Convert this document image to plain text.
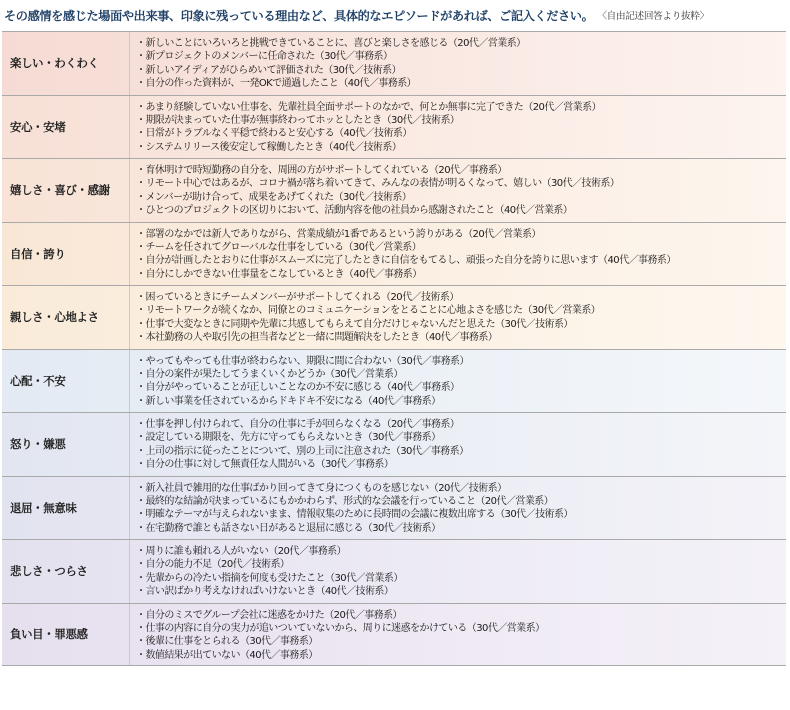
その感情を感じた場面や出来事、印象に残っている理由など、具体的なエピソードがあれば、ご記入ください。 〈自由記述回答より抜粋〉
楽しい・わくわく
・新しいことにいろいろと挑戦できていることに、喜びと楽しさを感じる（20代／営業系）
・新プロジェクトのメンバーに任命された（30代／事務系）
・新しいアイディアがひらめいて評価された（30代／技術系）
・自分の作った資料が、一発OKで通過したこと（40代／事務系）
安心・安堵
・あまり経験していない仕事を、先輩社員全面サポートのなかで、何とか無事に完了できた（20代／営業系）
・期限が決まっていた仕事が無事終わってホッとしたとき（30代／技術系）
・日常がトラブルなく平穏で終わると安心する（40代／技術系）
・システムリリース後安定して稼働したとき（40代／技術系）
嬉しさ・喜び・感謝
・育休明けで時短勤務の自分を、周囲の方がサポートしてくれている（20代／事務系）
・リモート中心ではあるが、コロナ禍が落ち着いてきて、みんなの表情が明るくなって、嬉しい（30代／技術系）
・メンバーが助け合って、成果をあげてくれた（30代／技術系）
・ひとつのプロジェクトの区切りにおいて、活動内容を他の社員から感謝されたこと（40代／営業系）
自信・誇り
・部署のなかでは新人でありながら、営業成績が1番であるという誇りがある（20代／営業系）
・チームを任されてグローバルな仕事をしている（30代／営業系）
・自分が計画したとおりに仕事がスムーズに完了したときに自信をもてるし、頑張った自分を誇りに思います（40代／事務系）
・自分にしかできない仕事量をこなしているとき（40代／事務系）
親しさ・心地よさ
・困っているときにチームメンバーがサポートしてくれる（20代／技術系）
・リモートワークが続くなか、同僚とのコミュニケーションをとることに心地よさを感じた（30代／営業系）
・仕事で大変なときに同期や先輩に共感してもらえて自分だけじゃないんだと思えた（30代／技術系）
・本社勤務の人や取引先の担当者などと一緒に問題解決をしたとき（40代／事務系）
心配・不安
・やってもやっても仕事が終わらない、期限に間に合わない（30代／事務系）
・自分の案件が果たしてうまくいくかどうか（30代／営業系）
・自分がやっていることが正しいことなのか不安に感じる（40代／事務系）
・新しい事業を任されているからドキドキ不安になる（40代／事務系）
怒り・嫌悪
・仕事を押し付けられて、自分の仕事に手が回らなくなる（20代／事務系）
・設定している期限を、先方に守ってもらえないとき（30代／事務系）
・上司の指示に従ったことについて、別の上司に注意された（30代／事務系）
・自分の仕事に対して無責任な人間がいる（30代／事務系）
退屈・無意味
・新入社員で雑用的な仕事ばかり回ってきて身につくものを感じない（20代／技術系）
・最終的な結論が決まっているにもかかわらず、形式的な会議を行っていること（20代／営業系）
・明確なテーマが与えられないまま、情報収集のために長時間の会議に複数出席する（30代／技術系）
・在宅勤務で誰とも話さない日があると退屈に感じる（30代／技術系）
悲しさ・つらさ
・周りに誰も頼れる人がいない（20代／事務系）
・自分の能力不足（20代／技術系）
・先輩からの冷たい指摘を何度も受けたこと（30代／営業系）
・言い訳ばかり考えなければいけないとき（40代／技術系）
負い目・罪悪感
・自分のミスでグループ会社に迷惑をかけた（20代／事務系）
・仕事の内容に自分の実力が追いついていないから、周りに迷惑をかけている（30代／営業系）
・後輩に仕事をとられる（30代／事務系）
・数値結果が出ていない（40代／事務系）
